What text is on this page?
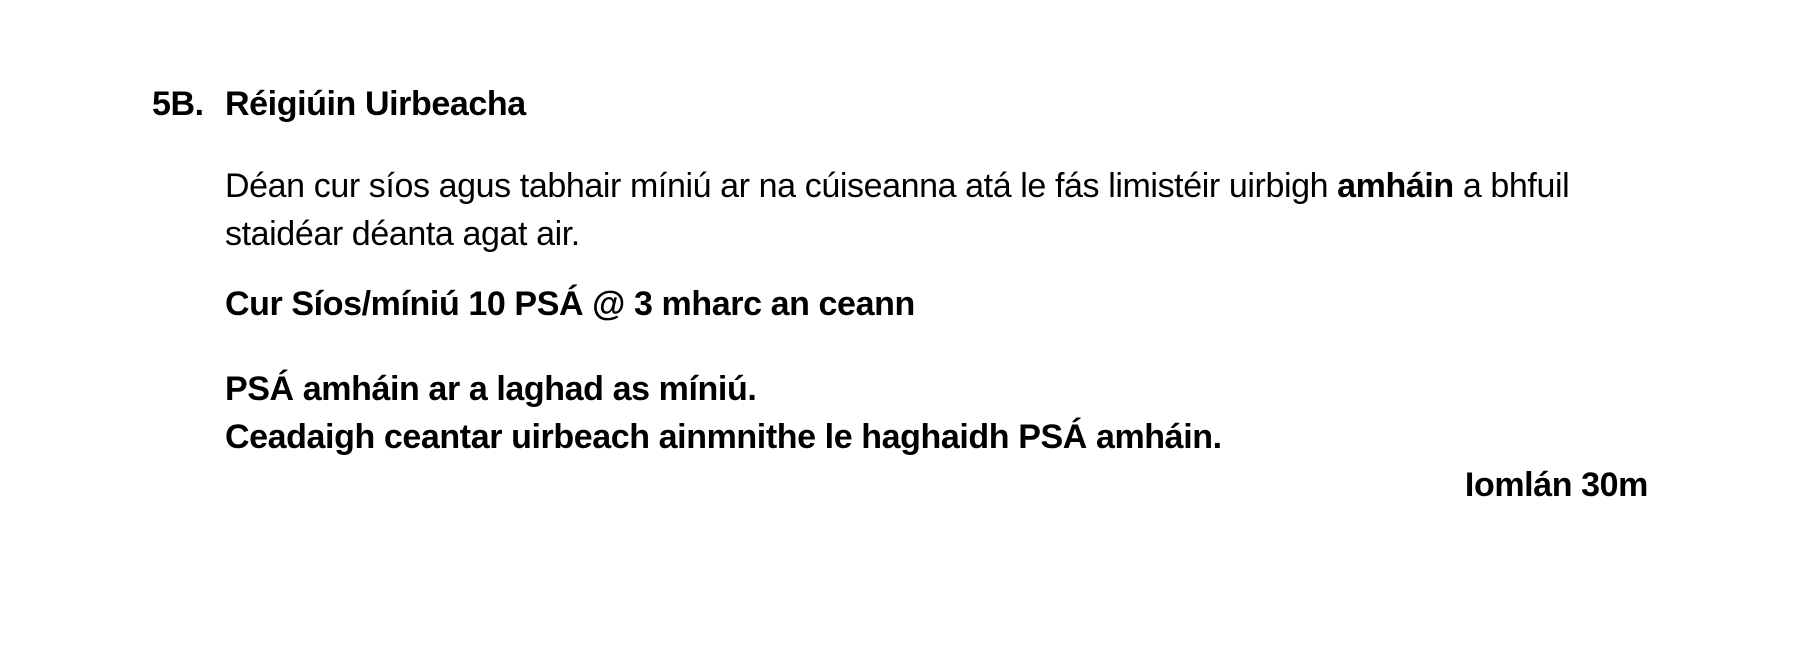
5B. Réigiúin Uirbeacha
Déan cur síos agus tabhair míniú ar na cúiseanna atá le fás limistéir uirbigh amháin a bhfuil
staidéar déanta agat air.
Cur Síos/míniú 10 PSÁ @ 3 mharc an ceann
PSÁ amháin ar a laghad as míniú.
Ceadaigh ceantar uirbeach ainmnithe le haghaidh PSÁ amháin.
Iomlán 30m
